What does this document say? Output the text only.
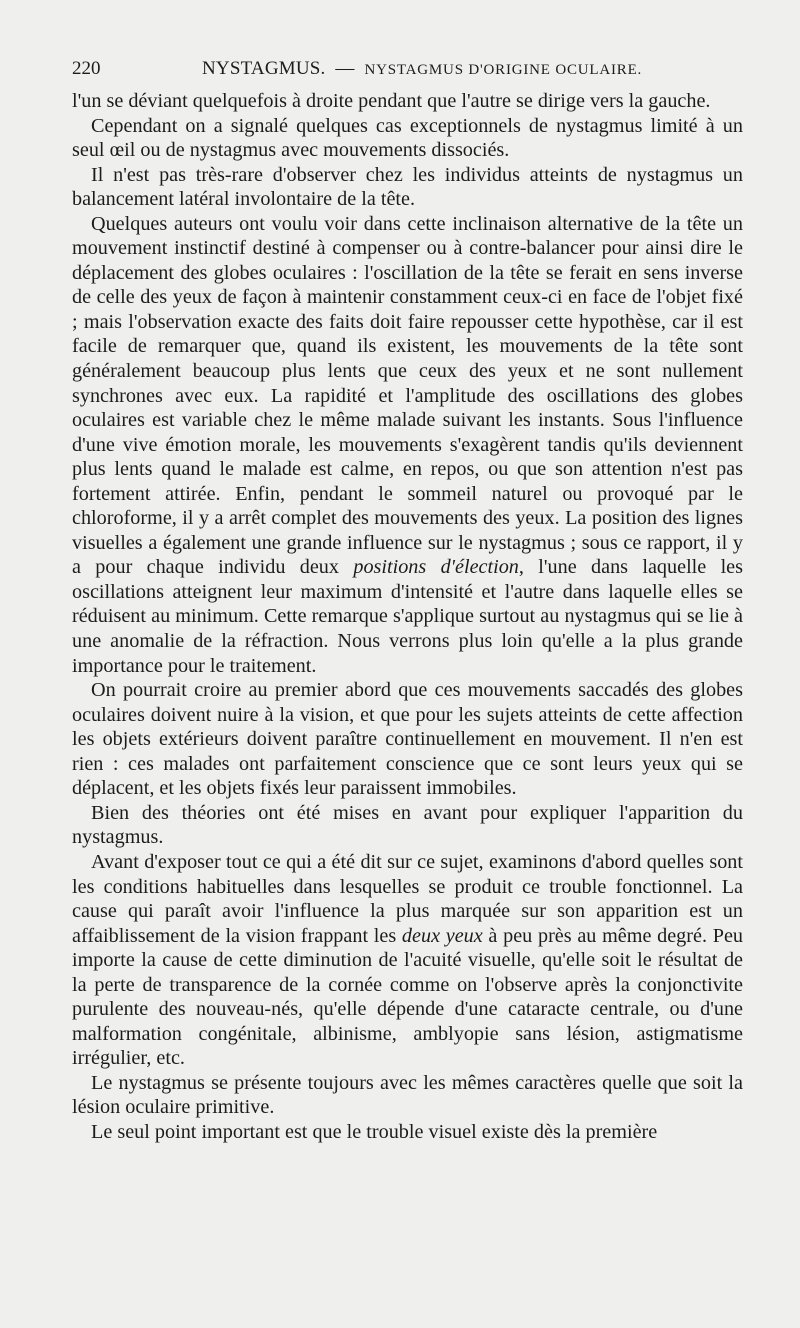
220	NYSTAGMUS. — NYSTAGMUS D'ORIGINE OCULAIRE.

l'un se déviant quelquefois à droite pendant que l'autre se dirige vers la gauche.

Cependant on a signalé quelques cas exceptionnels de nystagmus limité à un seul œil ou de nystagmus avec mouvements dissociés.

Il n'est pas très-rare d'observer chez les individus atteints de nystagmus un balancement latéral involontaire de la tête.

Quelques auteurs ont voulu voir dans cette inclinaison alternative de la tête un mouvement instinctif destiné à compenser ou à contre-balancer pour ainsi dire le déplacement des globes oculaires : l'oscillation de la tête se ferait en sens inverse de celle des yeux de façon à maintenir constamment ceux-ci en face de l'objet fixé ; mais l'observation exacte des faits doit faire repousser cette hypothèse, car il est facile de remarquer que, quand ils existent, les mouvements de la tête sont généralement beaucoup plus lents que ceux des yeux et ne sont nullement synchrones avec eux. La rapidité et l'amplitude des oscillations des globes oculaires est variable chez le même malade suivant les instants. Sous l'influence d'une vive émotion morale, les mouvements s'exagèrent tandis qu'ils deviennent plus lents quand le malade est calme, en repos, ou que son attention n'est pas fortement attirée. Enfin, pendant le sommeil naturel ou provoqué par le chloroforme, il y a arrêt complet des mouvements des yeux. La position des lignes visuelles a également une grande influence sur le nystagmus ; sous ce rapport, il y a pour chaque individu deux positions d'élection, l'une dans laquelle les oscillations atteignent leur maximum d'intensité et l'autre dans laquelle elles se réduisent au minimum. Cette remarque s'applique surtout au nystagmus qui se lie à une anomalie de la réfraction. Nous verrons plus loin qu'elle a la plus grande importance pour le traitement.

On pourrait croire au premier abord que ces mouvements saccadés des globes oculaires doivent nuire à la vision, et que pour les sujets atteints de cette affection les objets extérieurs doivent paraître continuellement en mouvement. Il n'en est rien : ces malades ont parfaitement conscience que ce sont leurs yeux qui se déplacent, et les objets fixés leur paraissent immobiles.

Bien des théories ont été mises en avant pour expliquer l'apparition du nystagmus.

Avant d'exposer tout ce qui a été dit sur ce sujet, examinons d'abord quelles sont les conditions habituelles dans lesquelles se produit ce trouble fonctionnel. La cause qui paraît avoir l'influence la plus marquée sur son apparition est un affaiblissement de la vision frappant les deux yeux à peu près au même degré. Peu importe la cause de cette diminution de l'acuité visuelle, qu'elle soit le résultat de la perte de transparence de la cornée comme on l'observe après la conjonctivite purulente des nouveau-nés, qu'elle dépende d'une cataracte centrale, ou d'une malformation congénitale, albinisme, amblyopie sans lésion, astigmatisme irrégulier, etc.

Le nystagmus se présente toujours avec les mêmes caractères quelle que soit la lésion oculaire primitive.

Le seul point important est que le trouble visuel existe dès la première
